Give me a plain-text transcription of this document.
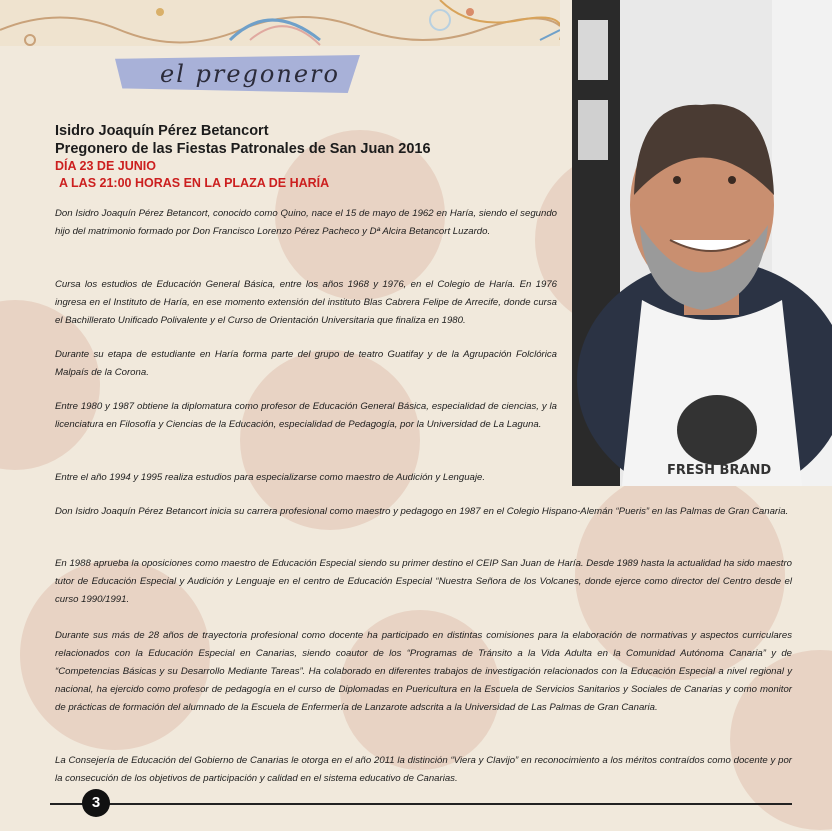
el pregonero
FRESH BRAND
Isidro Joaquín Pérez Betancort
Pregonero de las Fiestas Patronales de San Juan 2016
DÍA 23 DE JUNIO
A LAS 21:00 HORAS EN LA PLAZA DE HARÍA

Don Isidro Joaquín Pérez Betancort, conocido como Quino, nace el 15 de mayo de 1962 en Haría, siendo el segundo hijo del matrimonio formado por Don Francisco Lorenzo Pérez Pacheco y Dª Alcira Betancort Luzardo.

Cursa los estudios de Educación General Básica, entre los años 1968 y 1976, en el Colegio de Haría. En 1976 ingresa en el Instituto de Haría, en ese momento extensión del instituto Blas Cabrera Felipe de Arrecife, donde cursa el Bachillerato Unificado Polivalente y el Curso de Orientación Universitaria que finaliza en 1980.

Durante su etapa de estudiante en Haría forma parte del grupo de teatro Guatifay y de la Agrupación Folclórica Malpaís de la Corona.

Entre 1980 y 1987 obtiene la diplomatura como profesor de Educación General Básica, especialidad de ciencias, y la licenciatura en Filosofía y Ciencias de la Educación, especialidad de Pedagogía, por la Universidad de La Laguna.

Entre el año 1994 y 1995 realiza estudios para especializarse como maestro de Audición y Lenguaje.

Don Isidro Joaquín Pérez Betancort inicia su carrera profesional como maestro y pedagogo en 1987 en el Colegio Hispano-Alemán “Pueris” en las Palmas de Gran Canaria.

En 1988 aprueba la oposiciones como maestro de Educación Especial siendo su primer destino el CEIP San Juan de Haría. Desde 1989 hasta la actualidad ha sido maestro tutor de Educación Especial y Audición y Lenguaje en el centro de Educación Especial “Nuestra Señora de los Volcanes, donde ejerce como director del Centro desde el curso 1990/1991.

Durante sus más de 28 años de trayectoria profesional como docente ha participado en distintas comisiones para la elaboración de normativas y aspectos curriculares relacionados con la Educación Especial en Canarias, siendo coautor de los “Programas de Tránsito a la Vida Adulta en la Comunidad Autónoma Canaria” y de “Competencias Básicas y su Desarrollo Mediante Tareas”. Ha colaborado en diferentes trabajos de investigación relacionados con la Educación Especial a nivel regional y nacional, ha ejercido como profesor de pedagogía en el curso de Diplomadas en Puericultura en la Escuela de Servicios Sanitarios y Sociales de Canarias y como monitor de prácticas de formación del alumnado de la Escuela de Enfermería de Lanzarote adscrita a la Universidad de Las Palmas de Gran Canaria.

La Consejería de Educación del Gobierno de Canarias le otorga en el año 2011 la distinción “Viera y Clavijo” en reconocimiento a los méritos contraídos como docente y por la consecución de los objetivos de participación y calidad en el sistema educativo de Canarias.

3
